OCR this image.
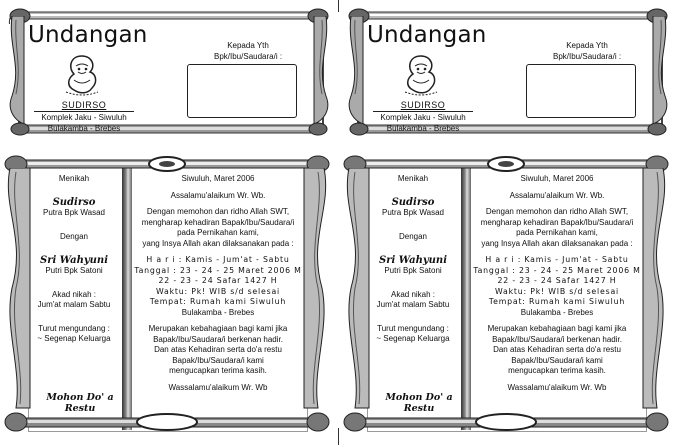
Undangan	Kepada Yth
Bpk/Ibu/Saudara/i :
SUDIRSO
Komplek Jaku - Siwuluh
Bulakamba - Brebes
Menikah
Sudirso
Putra Bpk Wasad
Dengan
Sri Wahyuni
Putri Bpk Satoni
Akad nikah :
Jum'at malam Sabtu
Turut mengundang :
~ Segenap Keluarga
Mohon Do' a Restu
Siwuluh, Maret 2006
Assalamu'alaikum Wr. Wb.
Dengan memohon dan ridho Allah SWT,
mengharap kehadiran Bapak/Ibu/Saudara/i
pada Pernikahan kami,
yang Insya Allah akan dilaksanakan pada :
H a r i : Kamis - Jum'at - Sabtu
Tanggal : 23 - 24 - 25 Maret 2006 M
22 - 23 - 24 Safar 1427 H
Waktu: Pk! WIB s/d selesai
Tempat: Rumah kami Siwuluh
Bulakamba - Brebes
Merupakan kebahagiaan bagi kami jika
Bapak/Ibu/Saudara/i berkenan hadir.
Dan atas Kehadiran serta do'a restu
Bapak/Ibu/Saudara/i kami
mengucapkan terima kasih.
Wassalamu'alaikum Wr. Wb
Undangan	Kepada Yth
Bpk/Ibu/Saudara/i :
SUDIRSO
Komplek Jaku - Siwuluh
Bulakamba - Brebes
Menikah
Sudirso
Putra Bpk Wasad
Dengan
Sri Wahyuni
Putri Bpk Satoni
Akad nikah :
Jum'at malam Sabtu
Turut mengundang :
~ Segenap Keluarga
Mohon Do' a Restu
Siwuluh, Maret 2006
Assalamu'alaikum Wr. Wb.
Dengan memohon dan ridho Allah SWT,
mengharap kehadiran Bapak/Ibu/Saudara/i
pada Pernikahan kami,
yang Insya Allah akan dilaksanakan pada :
H a r i : Kamis - Jum'at - Sabtu
Tanggal : 23 - 24 - 25 Maret 2006 M
22 - 23 - 24 Safar 1427 H
Waktu: Pk! WIB s/d selesai
Tempat: Rumah kami Siwuluh
Bulakamba - Brebes
Merupakan kebahagiaan bagi kami jika
Bapak/Ibu/Saudara/i berkenan hadir.
Dan atas Kehadiran serta do'a restu
Bapak/Ibu/Saudara/i kami
mengucapkan terima kasih.
Wassalamu'alaikum Wr. Wb
